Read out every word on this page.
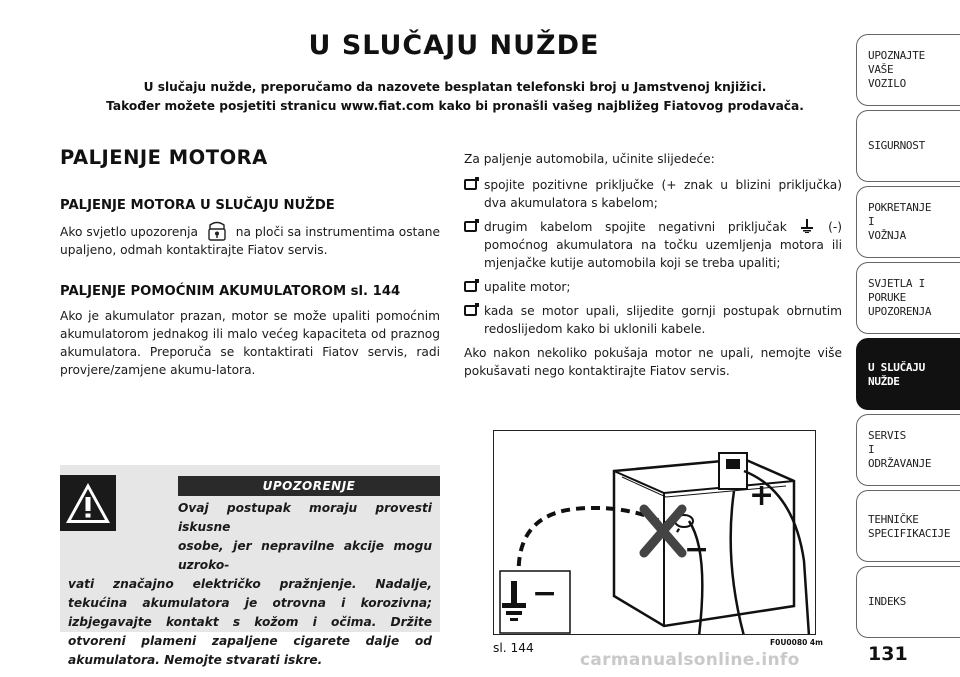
U SLUČAJU NUŽDE
U slučaju nužde, preporučamo da nazovete besplatan telefonski broj u Jamstvenoj knjižici.
Također možete posjetiti stranicu www.fiat.com kako bi pronašli vašeg najbližeg Fiatovog prodavača.
PALJENJE MOTORA
PALJENJE MOTORA U SLUČAJU NUŽDE

Ako svjetlo upozorenja	na ploči sa instrumentima ostane upaljeno, odmah kontaktirajte Fiatov servis.

PALJENJE POMOĆNIM AKUMULATOROM sl. 144

Ako je akumulator prazan, motor se može upaliti pomoćnim akumulatorom jednakog ili malo većeg kapaciteta od praznog akumulatora. Preporuča se kontaktirati Fiatov servis, radi provjere/zamjene akumu-latora.

UPOZORENJE
Ovaj postupak moraju provesti iskusne
osobe, jer nepravilne akcije mogu uzroko-
vati značajno električko pražnjenje. Nadalje, tekućina akumulatora je otrovna i korozivna; izbjegavajte kontakt s kožom i očima. Držite otvoreni plameni zapaljene cigarete dalje od akumulatora. Nemojte stvarati iskre.

Za paljenje automobila, učinite slijedeće:

spojite pozitivne priključke (+ znak u blizini priključka) dva akumulatora s kabelom;
drugim kabelom spojite negativni priključak	(-) pomoćnog akumulatora na točku uzemljenja motora ili mjenjačke kutije automobila koji se treba upaliti;
upalite motor;
kada se motor upali, slijedite gornji postupak obrnutim redoslijedom kako bi uklonili kabele.

Ako nakon nekoliko pokušaja motor ne upali, nemojte više pokušavati nego kontaktirajte Fiatov servis.

+
−
−
sl. 144	F0U0080 4m
carmanualsonline.info	131
UPOZNAJTE
VAŠE
VOZILO
SIGURNOST
POKRETANJE
I
VOŽNJA
SVJETLA I
PORUKE
UPOZORENJA
U SLUČAJU
NUŽDE
SERVIS
I
ODRŽAVANJE
TEHNIČKE
SPECIFIKACIJE
INDEKS
